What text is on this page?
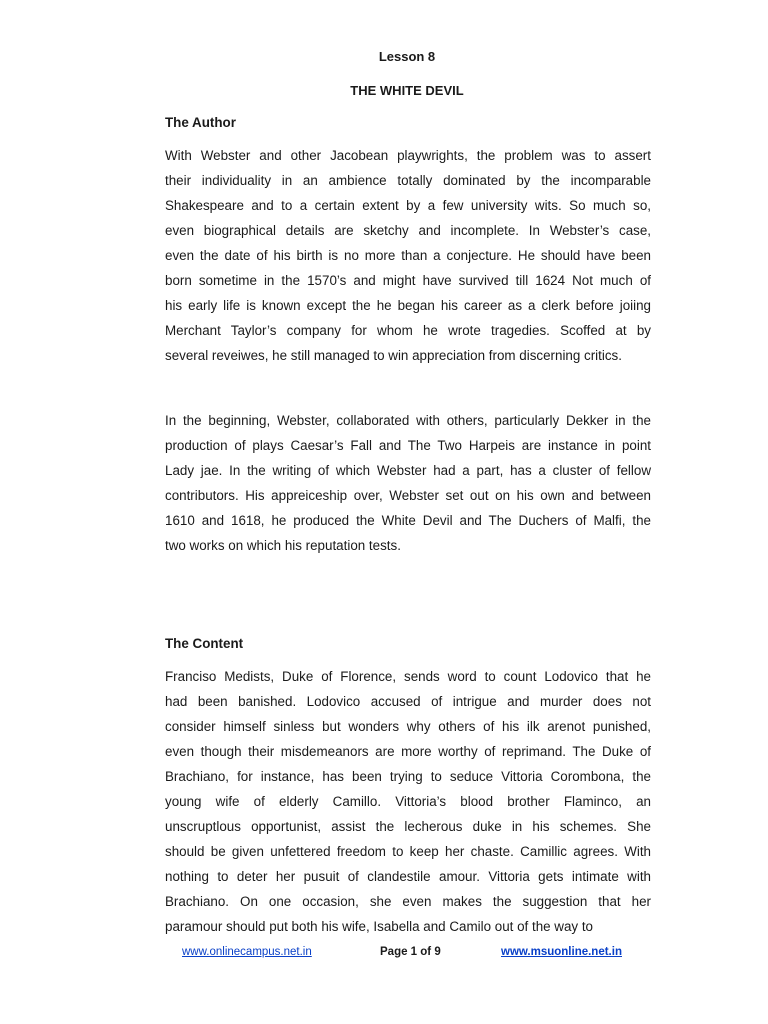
Lesson 8
THE WHITE DEVIL

The Author

With Webster and other Jacobean playwrights, the problem was to assert
their individuality in an ambience totally dominated by the incomparable
Shakespeare and to a certain extent by a few university wits. So much so,
even biographical details are sketchy and incomplete. In Webster’s case,
even the date of his birth is no more than a conjecture. He should have been
born sometime in the 1570’s and might have survived till 1624 Not much of
his early life is known except the he began his career as a clerk before joiing
Merchant Taylor’s company for whom he wrote tragedies. Scoffed at by
several reveiwes, he still managed to win appreciation from discerning critics.

In the beginning, Webster, collaborated with others, particularly Dekker in the
production of plays Caesar’s Fall and The Two Harpeis are instance in point
Lady jae. In the writing of which Webster had a part, has a cluster of fellow
contributors. His appreiceship over, Webster set out on his own and between
1610 and 1618, he produced the White Devil and The Duchers of Malfi, the
two works on which his reputation tests.

The Content

Franciso Medists, Duke of Florence, sends word to count Lodovico that he
had been banished. Lodovico accused of intrigue and murder does not
consider himself sinless but wonders why others of his ilk arenot punished,
even though their misdemeanors are more worthy of reprimand. The Duke of
Brachiano, for instance, has been trying to seduce Vittoria Corombona, the
young wife of elderly Camillo. Vittoria’s blood brother Flaminco, an
unscruptlous opportunist, assist the lecherous duke in his schemes. She
should be given unfettered freedom to keep her chaste. Camillic agrees. With
nothing to deter her pusuit of clandestile amour. Vittoria gets intimate with
Brachiano. On one occasion, she even makes the suggestion that her
paramour should put both his wife, Isabella and Camilo out of the way to

www.onlinecampus.net.in	Page 1 of 9	www.msuonline.net.in
